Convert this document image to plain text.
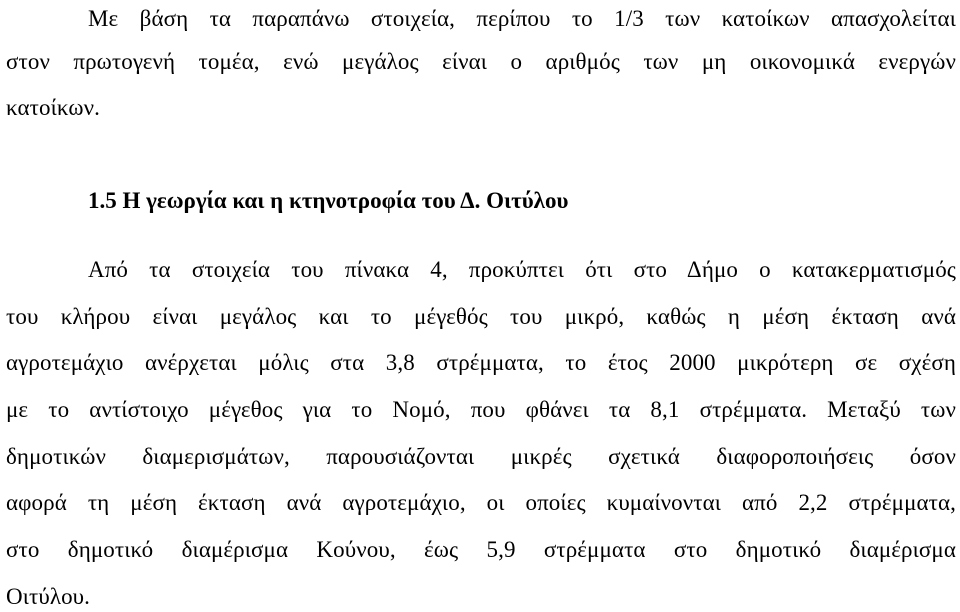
Με βάση τα παραπάνω στοιχεία, περίπου το 1/3 των κατοίκων απασχολείται
στον πρωτογενή τομέα, ενώ μεγάλος είναι ο αριθμός των μη οικονομικά ενεργών
κατοίκων.
1.5 Η γεωργία και η κτηνοτροφία του Δ. Οιτύλου
Από τα στοιχεία του πίνακα 4, προκύπτει ότι στο Δήμο ο κατακερματισμός
του κλήρου είναι μεγάλος και το μέγεθός του μικρό, καθώς η μέση έκταση ανά
αγροτεμάχιο ανέρχεται μόλις στα 3,8 στρέμματα, το έτος 2000 μικρότερη σε σχέση
με το αντίστοιχο μέγεθος για το Νομό, που φθάνει τα 8,1 στρέμματα. Μεταξύ των
δημοτικών διαμερισμάτων, παρουσιάζονται μικρές σχετικά διαφοροποιήσεις όσον
αφορά τη μέση έκταση ανά αγροτεμάχιο, οι οποίες κυμαίνονται από 2,2 στρέμματα,
στο δημοτικό διαμέρισμα Κούνου, έως 5,9 στρέμματα στο δημοτικό διαμέρισμα
Οιτύλου.
